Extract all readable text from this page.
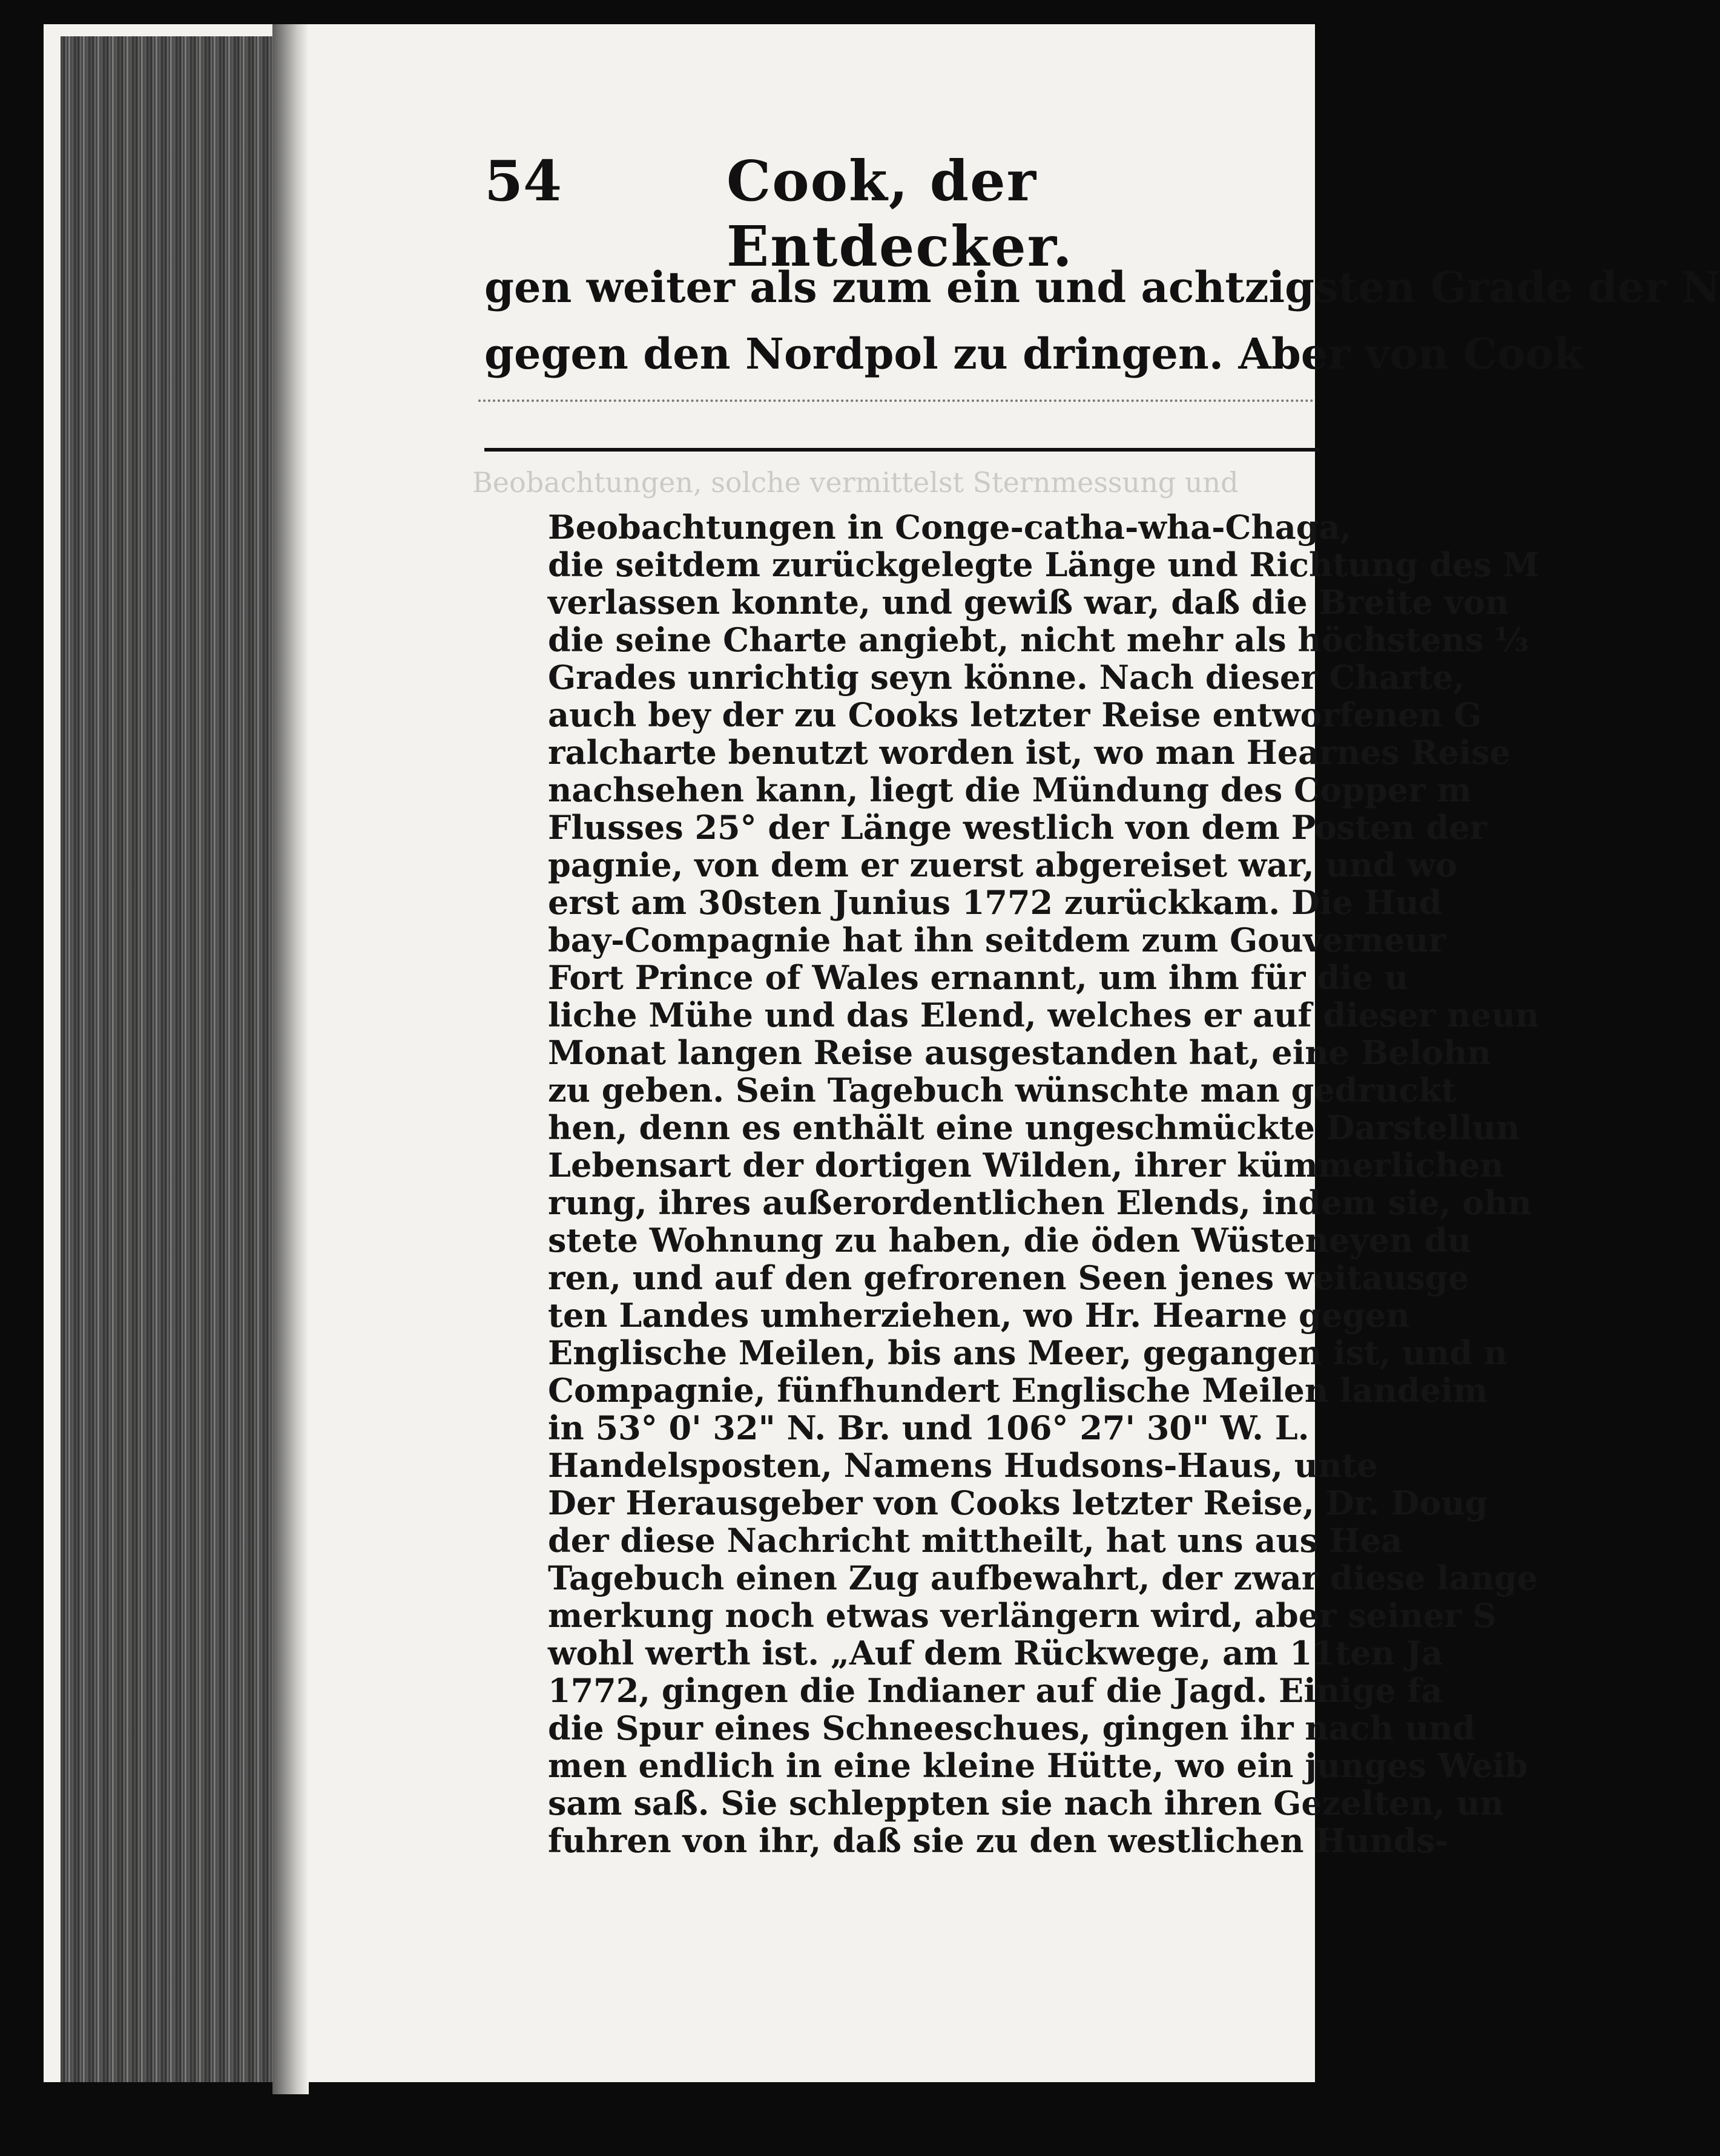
54	Cook, der Entdecker.
gen weiter als zum ein und achtzigsten Grade der N
gegen den Nordpol zu dringen. Aber von Cook
Beobachtungen, solche vermittelst Sternmessung und
Beobachtungen in Conge-catha-wha-Chaga,
die seitdem zurückgelegte Länge und Richtung des M
verlassen konnte, und gewiß war, daß die Breite von
die seine Charte angiebt, nicht mehr als höchstens ⅓
Grades unrichtig seyn könne. Nach dieser Charte,
auch bey der zu Cooks letzter Reise entworfenen G
ralcharte benutzt worden ist, wo man Hearnes Reise
nachsehen kann, liegt die Mündung des Copper m
Flusses 25° der Länge westlich von dem Posten der
pagnie, von dem er zuerst abgereiset war, und wo
erst am 30sten Junius 1772 zurückkam. Die Hud
bay-Compagnie hat ihn seitdem zum Gouverneur
Fort Prince of Wales ernannt, um ihm für die u
liche Mühe und das Elend, welches er auf dieser neun
Monat langen Reise ausgestanden hat, eine Belohn
zu geben. Sein Tagebuch wünschte man gedruckt
hen, denn es enthält eine ungeschmückte Darstellun
Lebensart der dortigen Wilden, ihrer kümmerlichen
rung, ihres außerordentlichen Elends, indem sie, ohn
stete Wohnung zu haben, die öden Wüsteneyen du
ren, und auf den gefrorenen Seen jenes weitausge
ten Landes umherziehen, wo Hr. Hearne gegen
Englische Meilen, bis ans Meer, gegangen ist, und n
Compagnie, fünfhundert Englische Meilen landeim
in 53° 0' 32" N. Br. und 106° 27' 30" W. L.
Handelsposten, Namens Hudsons-Haus, unte
Der Herausgeber von Cooks letzter Reise, Dr. Doug
der diese Nachricht mittheilt, hat uns aus Hea
Tagebuch einen Zug aufbewahrt, der zwar diese lange
merkung noch etwas verlängern wird, aber seiner S
wohl werth ist. „Auf dem Rückwege, am 11ten Ja
1772, gingen die Indianer auf die Jagd. Einige fa
die Spur eines Schneeschues, gingen ihr nach und
men endlich in eine kleine Hütte, wo ein junges Weib
sam saß. Sie schleppten sie nach ihren Gezelten, un
fuhren von ihr, daß sie zu den westlichen Hunds-
